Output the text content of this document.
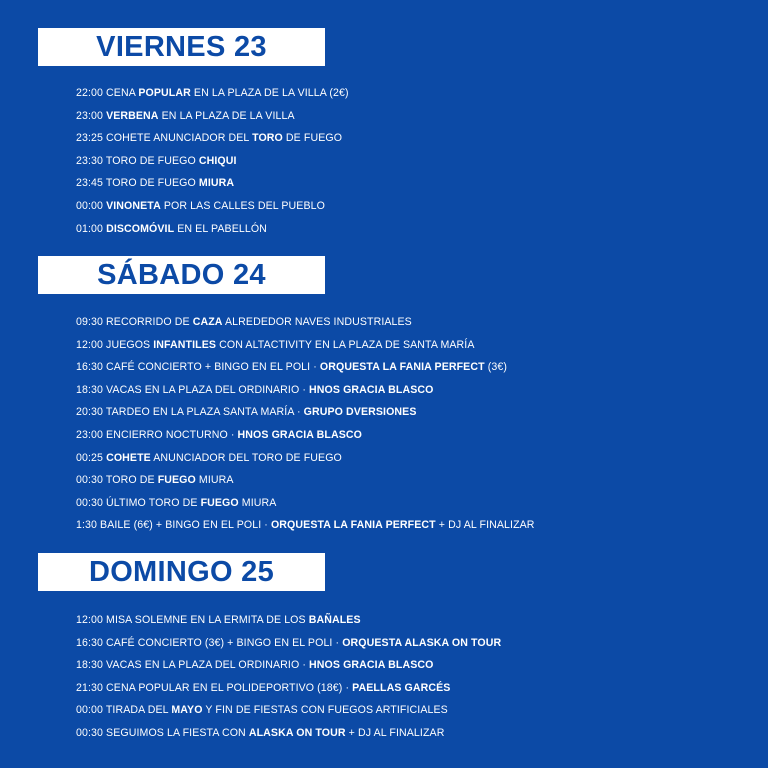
VIERNES 23
22:00 CENA POPULAR EN LA PLAZA DE LA VILLA (2€)
23:00 VERBENA EN LA PLAZA DE LA VILLA
23:25 COHETE ANUNCIADOR DEL TORO DE FUEGO
23:30 TORO DE FUEGO CHIQUI
23:45 TORO DE FUEGO MIURA
00:00 VINONETA POR LAS CALLES DEL PUEBLO
01:00 DISCOMÓVIL EN EL PABELLÓN
SÁBADO 24
09:30 RECORRIDO DE CAZA ALREDEDOR NAVES INDUSTRIALES
12:00 JUEGOS INFANTILES CON ALTACTIVITY EN LA PLAZA DE SANTA MARÍA
16:30 CAFÉ CONCIERTO + BINGO EN EL POLI · ORQUESTA LA FANIA PERFECT (3€)
18:30 VACAS EN LA PLAZA DEL ORDINARIO · HNOS GRACIA BLASCO
20:30 TARDEO EN LA PLAZA SANTA MARÍA · GRUPO DVERSIONES
23:00 ENCIERRO NOCTURNO · HNOS GRACIA BLASCO
00:25 COHETE ANUNCIADOR DEL TORO DE FUEGO
00:30 TORO DE FUEGO MIURA
00:30 ÚLTIMO TORO DE FUEGO MIURA
1:30 BAILE (6€) + BINGO EN EL POLI · ORQUESTA LA FANIA PERFECT + DJ AL FINALIZAR
DOMINGO 25
12:00 MISA SOLEMNE EN LA ERMITA DE LOS BAÑALES
16:30 CAFÉ CONCIERTO (3€) + BINGO EN EL POLI · ORQUESTA ALASKA ON TOUR
18:30 VACAS EN LA PLAZA DEL ORDINARIO · HNOS GRACIA BLASCO
21:30 CENA POPULAR EN EL POLIDEPORTIVO (18€) · PAELLAS GARCÉS
00:00 TIRADA DEL MAYO Y FIN DE FIESTAS CON FUEGOS ARTIFICIALES
00:30 SEGUIMOS LA FIESTA CON ALASKA ON TOUR + DJ AL FINALIZAR
